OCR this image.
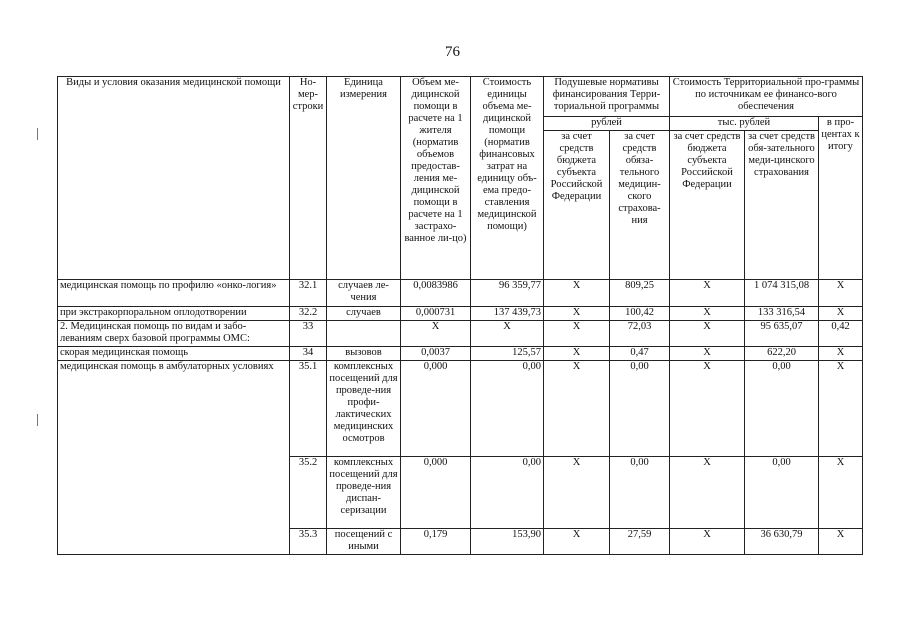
76
Виды и условия оказания медицинской помощи	Но-мер-строки	Единица измерения	Объем ме-дицинской помощи в расчете на 1 жителя (норматив объемов предостав-ления ме-дицинской помощи в расчете на 1 застрахо-ванное ли-цо)	Стоимость единицы объема ме-дицинской помощи (норматив финансовых затрат на единицу объ-ема предо-ставления медицинской помощи)	Подушевые нормативы финансирования Терри-ториальной программы		Стоимость Территориальной про-граммы по источникам ее финансо-вого обеспечения		
					рублей		тыс. рублей		в про-центах к итогу
					за счет средств бюджета субъекта Российской Федерации	за счет средств обяза-тельного медицин-ского страхова-ния	за счет средств бюджета субъекта Российской Федерации	за счет средств обя-зательного меди-цинского страхования	
медицинская помощь по профилю «онко-логия»	32.1	случаев ле-чения	0,0083986	96 359,77	X	809,25	X	1 074 315,08	X
при экстракорпоральном оплодотворении	32.2	случаев	0,000731	137 439,73	X	100,42	X	133 316,54	X
2. Медицинская помощь по видам и забо-леваниям сверх базовой программы ОМС:	33		X	X	X	72,03	X	95 635,07	0,42
скорая медицинская помощь	34	вызовов	0,0037	125,57	X	0,47	X	622,20	X
медицинская помощь в амбулаторных условиях	35.1	комплексных посещений для проведе-ния профи-лактических медицинских осмотров	0,000	0,00	X	0,00	X	0,00	X
	35.2	комплексных посещений для проведе-ния диспан-серизации	0,000	0,00	X	0,00	X	0,00	X
	35.3	посещений с иными	0,179	153,90	X	27,59	X	36 630,79	X
